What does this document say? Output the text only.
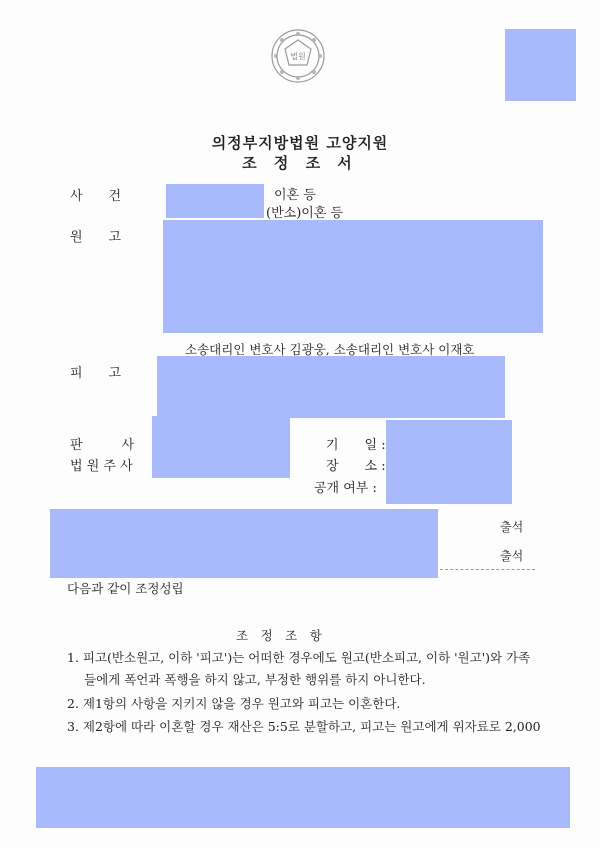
법원
의정부지방법원 고양지원
조 정 조 서
사　　건	이혼 등
(반소)이혼 등
원　　고
소송대리인 변호사 김광웅, 소송대리인 변호사 이재호
피　　고
판　　　사
법 원 주 사
기　　일 :
장　　소 :
공개 여부 :
출석
출석
다음과 같이 조정성립
조　정　조　항
1. 피고(반소원고, 이하 '피고')는 어떠한 경우에도 원고(반소피고, 이하 '원고')와 가족
들에게 폭언과 폭행을 하지 않고, 부정한 행위를 하지 아니한다.
2. 제1항의 사항을 지키지 않을 경우 원고와 피고는 이혼한다.
3. 제2항에 따라 이혼할 경우 재산은 5:5로 분할하고, 피고는 원고에게 위자료로 2,000
